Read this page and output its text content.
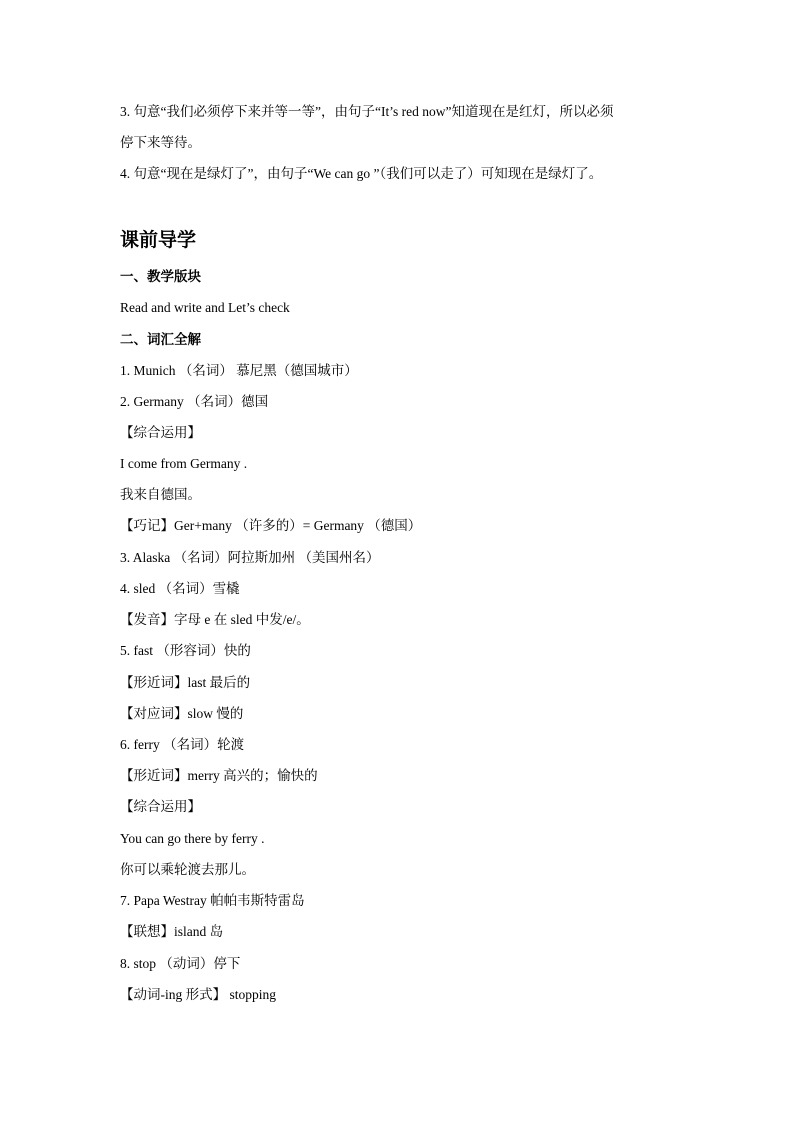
3. 句意“我们必须停下来并等一等”，由句子“It’s red now”知道现在是红灯，所以必须
停下来等待。
4. 句意“现在是绿灯了”，由句子“We can go ”（我们可以走了）可知现在是绿灯了。
课前导学
一、教学版块
Read and write and Let’s check
二、词汇全解
1. Munich （名词） 慕尼黑（德国城市）
2. Germany （名词）德国
【综合运用】
I come from Germany .
我来自德国。
【巧记】Ger+many （许多的）= Germany （德国）
3. Alaska （名词）阿拉斯加州 （美国州名）
4. sled （名词）雪橇
【发音】字母 e 在 sled 中发/e/。
5. fast （形容词）快的
【形近词】last 最后的
【对应词】slow 慢的
6. ferry （名词）轮渡
【形近词】merry 高兴的；愉快的
【综合运用】
You can go there by ferry .
你可以乘轮渡去那儿。
7. Papa Westray 帕帕韦斯特雷岛
【联想】island 岛
8. stop （动词）停下
【动词-ing 形式】 stopping
